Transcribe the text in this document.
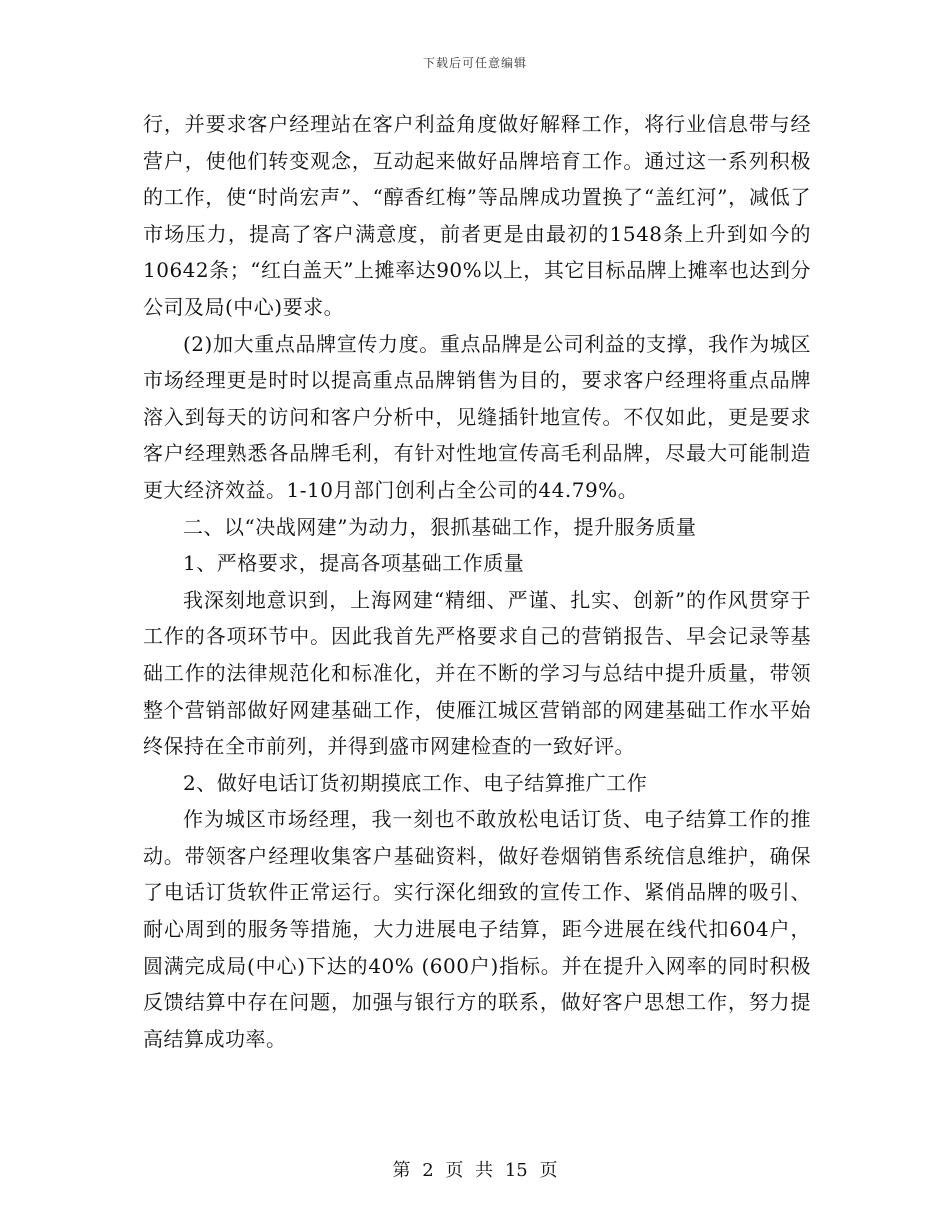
下载后可任意编辑

行，并要求客户经理站在客户利益角度做好解释工作，将行业信息带与经营户，使他们转变观念，互动起来做好品牌培育工作。通过这一系列积极的工作，使“时尚宏声”、“醇香红梅”等品牌成功置换了“盖红河”，减低了市场压力，提高了客户满意度，前者更是由最初的1548条上升到如今的10642条；“红白盖天”上摊率达90%以上，其它目标品牌上摊率也达到分公司及局(中心)要求。

(2)加大重点品牌宣传力度。重点品牌是公司利益的支撑，我作为城区市场经理更是时时以提高重点品牌销售为目的，要求客户经理将重点品牌溶入到每天的访问和客户分析中，见缝插针地宣传。不仅如此，更是要求客户经理熟悉各品牌毛利，有针对性地宣传高毛利品牌，尽最大可能制造更大经济效益。1-10月部门创利占全公司的44.79%。

二、以“决战网建”为动力，狠抓基础工作，提升服务质量

1、严格要求，提高各项基础工作质量

我深刻地意识到，上海网建“精细、严谨、扎实、创新”的作风贯穿于工作的各项环节中。因此我首先严格要求自己的营销报告、早会记录等基础工作的法律规范化和标准化，并在不断的学习与总结中提升质量，带领整个营销部做好网建基础工作，使雁江城区营销部的网建基础工作水平始终保持在全市前列，并得到盛市网建检查的一致好评。

2、做好电话订货初期摸底工作、电子结算推广工作

作为城区市场经理，我一刻也不敢放松电话订货、电子结算工作的推动。带领客户经理收集客户基础资料，做好卷烟销售系统信息维护，确保了电话订货软件正常运行。实行深化细致的宣传工作、紧俏品牌的吸引、耐心周到的服务等措施，大力进展电子结算，距今进展在线代扣604户，圆满完成局(中心)下达的40% (600户)指标。并在提升入网率的同时积极反馈结算中存在问题，加强与银行方的联系，做好客户思想工作，努力提高结算成功率。

第 2 页 共 15 页
